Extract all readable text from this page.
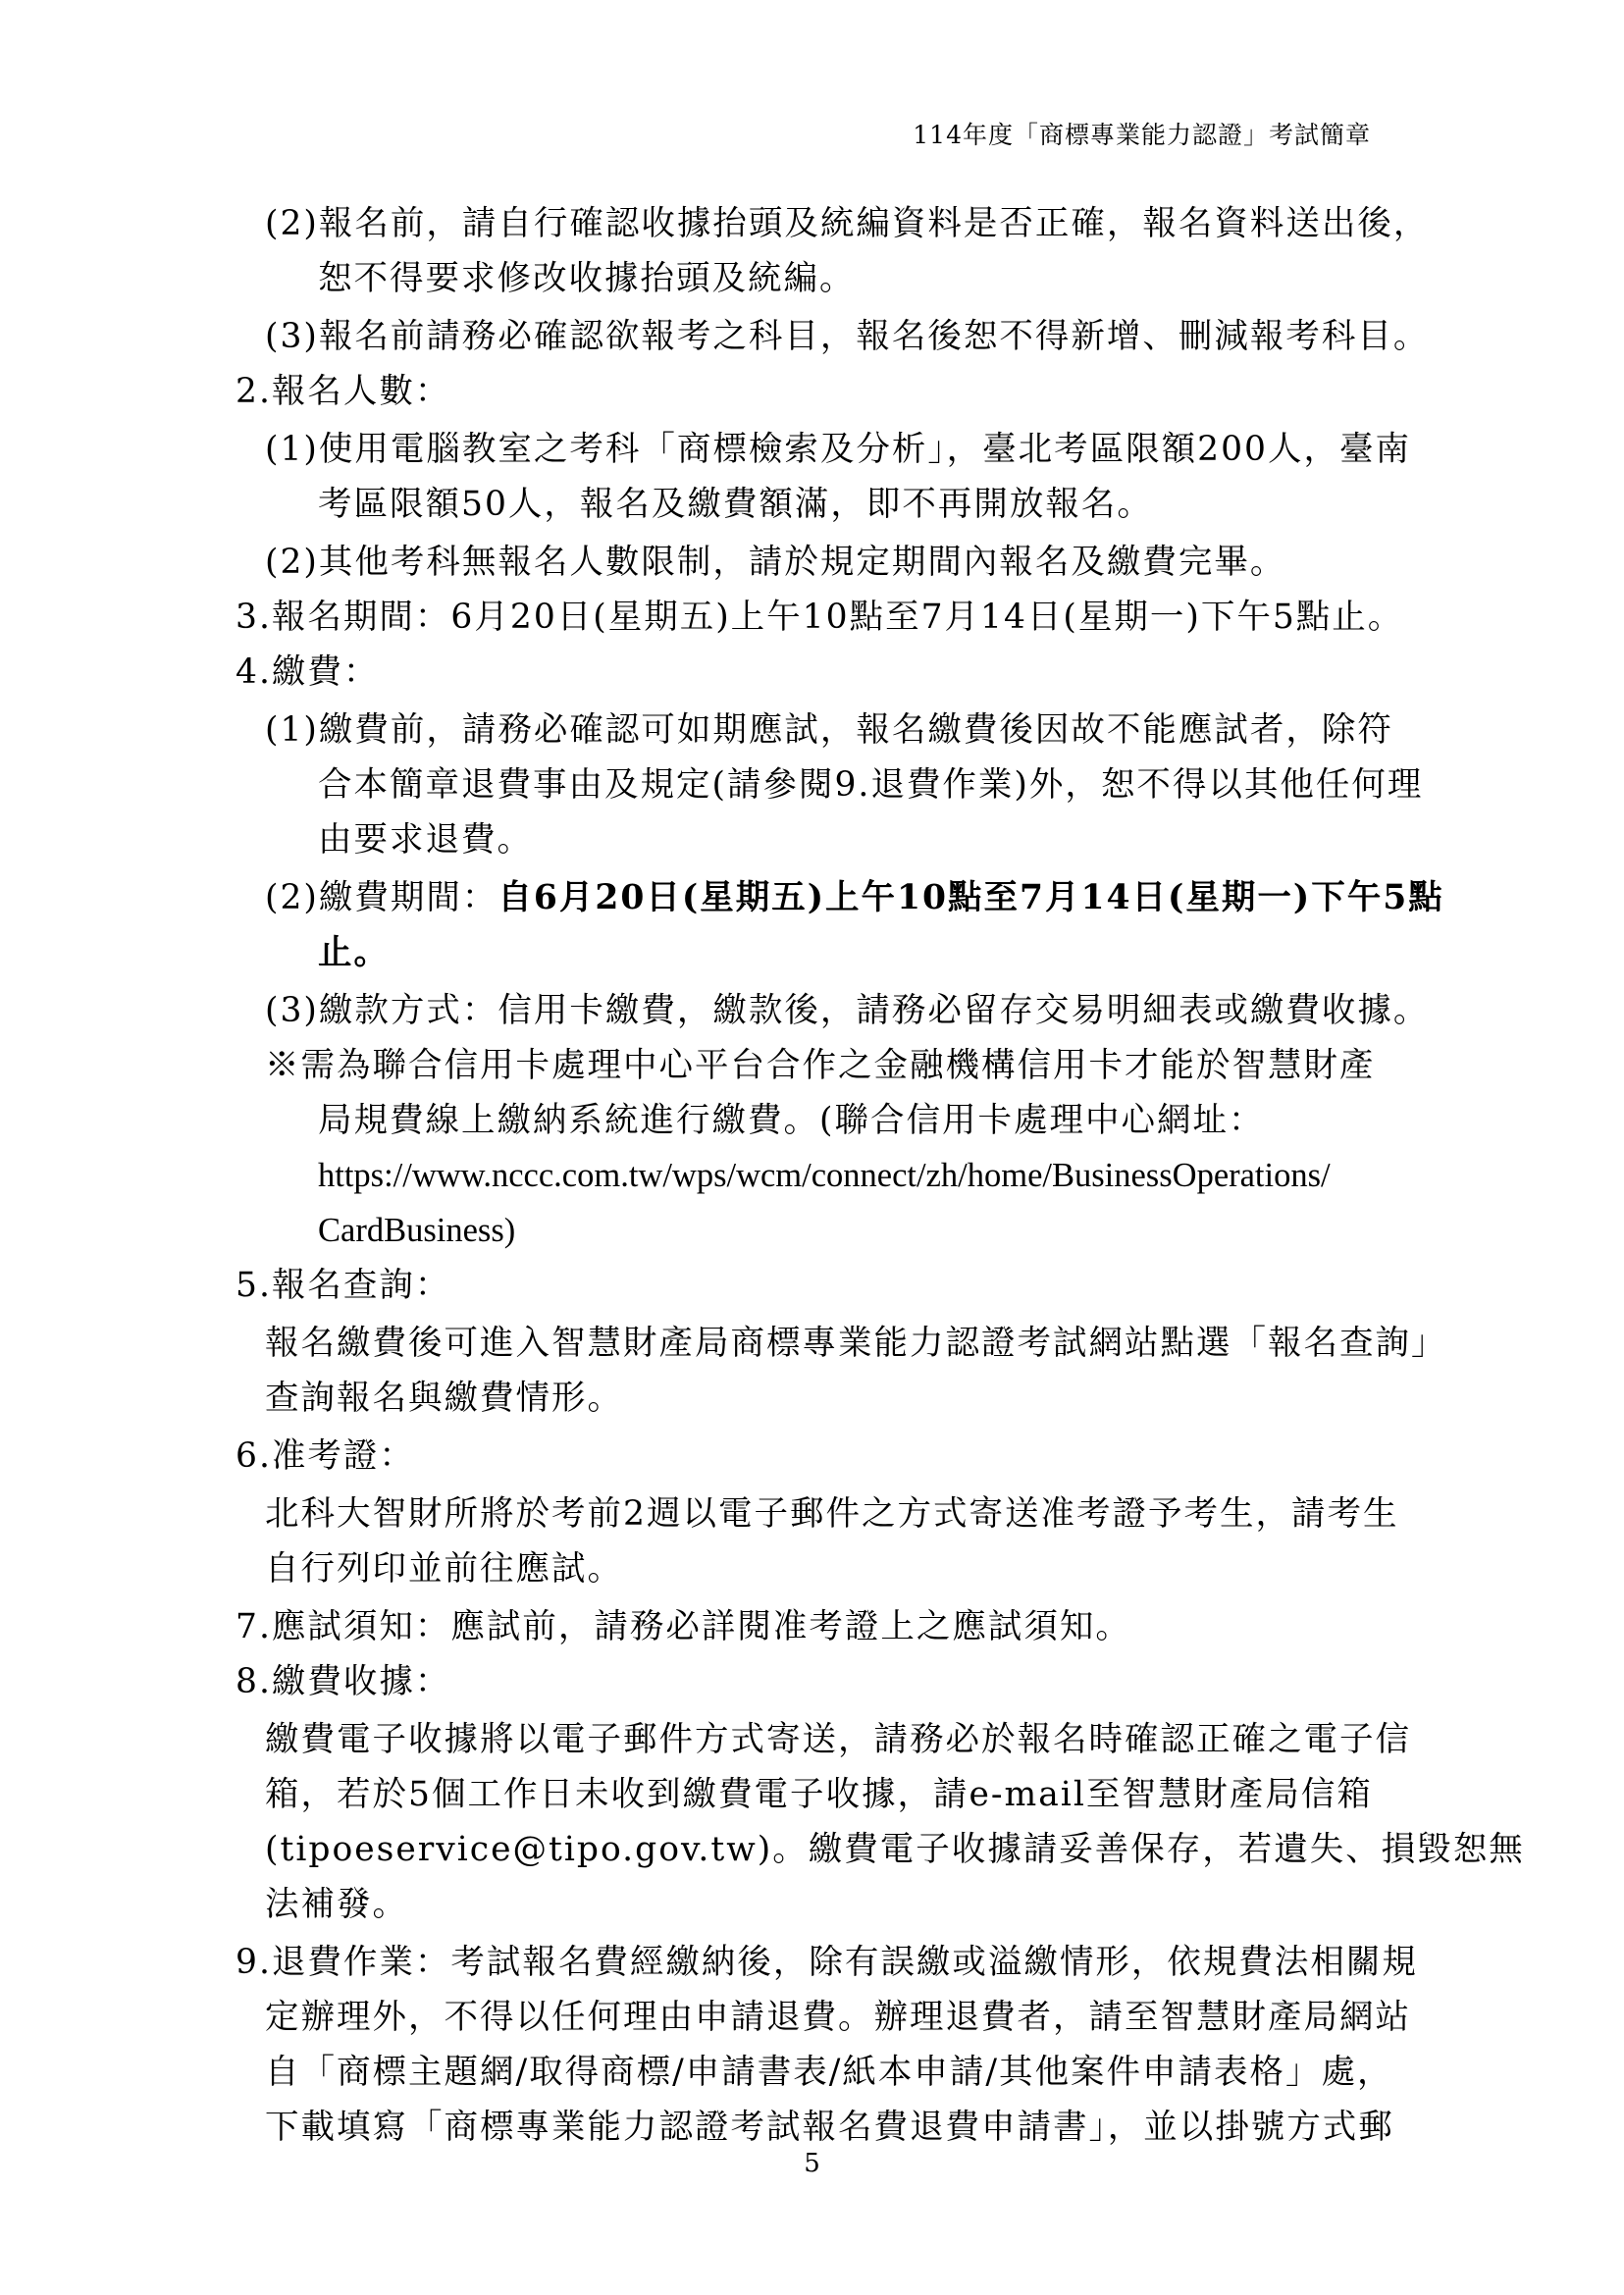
114年度「商標專業能力認證」考試簡章
(2)報名前，請自行確認收據抬頭及統編資料是否正確，報名資料送出後，
恕不得要求修改收據抬頭及統編。
(3)報名前請務必確認欲報考之科目，報名後恕不得新增、刪減報考科目。
2.報名人數：
(1)使用電腦教室之考科「商標檢索及分析」，臺北考區限額200人，臺南
考區限額50人，報名及繳費額滿，即不再開放報名。
(2)其他考科無報名人數限制，請於規定期間內報名及繳費完畢。
3.報名期間：6月20日(星期五)上午10點至7月14日(星期一)下午5點止。
4.繳費：
(1)繳費前，請務必確認可如期應試，報名繳費後因故不能應試者，除符
合本簡章退費事由及規定(請參閱9.退費作業)外，恕不得以其他任何理
由要求退費。
(2)繳費期間：自6月20日(星期五)上午10點至7月14日(星期一)下午5點
止。
(3)繳款方式：信用卡繳費，繳款後，請務必留存交易明細表或繳費收據。
※需為聯合信用卡處理中心平台合作之金融機構信用卡才能於智慧財產
局規費線上繳納系統進行繳費。(聯合信用卡處理中心網址：
https://www.nccc.com.tw/wps/wcm/connect/zh/home/BusinessOperations/
CardBusiness)
5.報名查詢：
報名繳費後可進入智慧財產局商標專業能力認證考試網站點選「報名查詢」
查詢報名與繳費情形。
6.准考證：
北科大智財所將於考前2週以電子郵件之方式寄送准考證予考生，請考生
自行列印並前往應試。
7.應試須知：應試前，請務必詳閱准考證上之應試須知。
8.繳費收據：
繳費電子收據將以電子郵件方式寄送，請務必於報名時確認正確之電子信
箱，若於5個工作日未收到繳費電子收據，請e-mail至智慧財產局信箱
(tipoeservice@tipo.gov.tw)。繳費電子收據請妥善保存，若遺失、損毀恕無
法補發。
9.退費作業：考試報名費經繳納後，除有誤繳或溢繳情形，依規費法相關規
定辦理外，不得以任何理由申請退費。辦理退費者，請至智慧財產局網站
自「商標主題網/取得商標/申請書表/紙本申請/其他案件申請表格」處，
下載填寫「商標專業能力認證考試報名費退費申請書」，並以掛號方式郵
5
